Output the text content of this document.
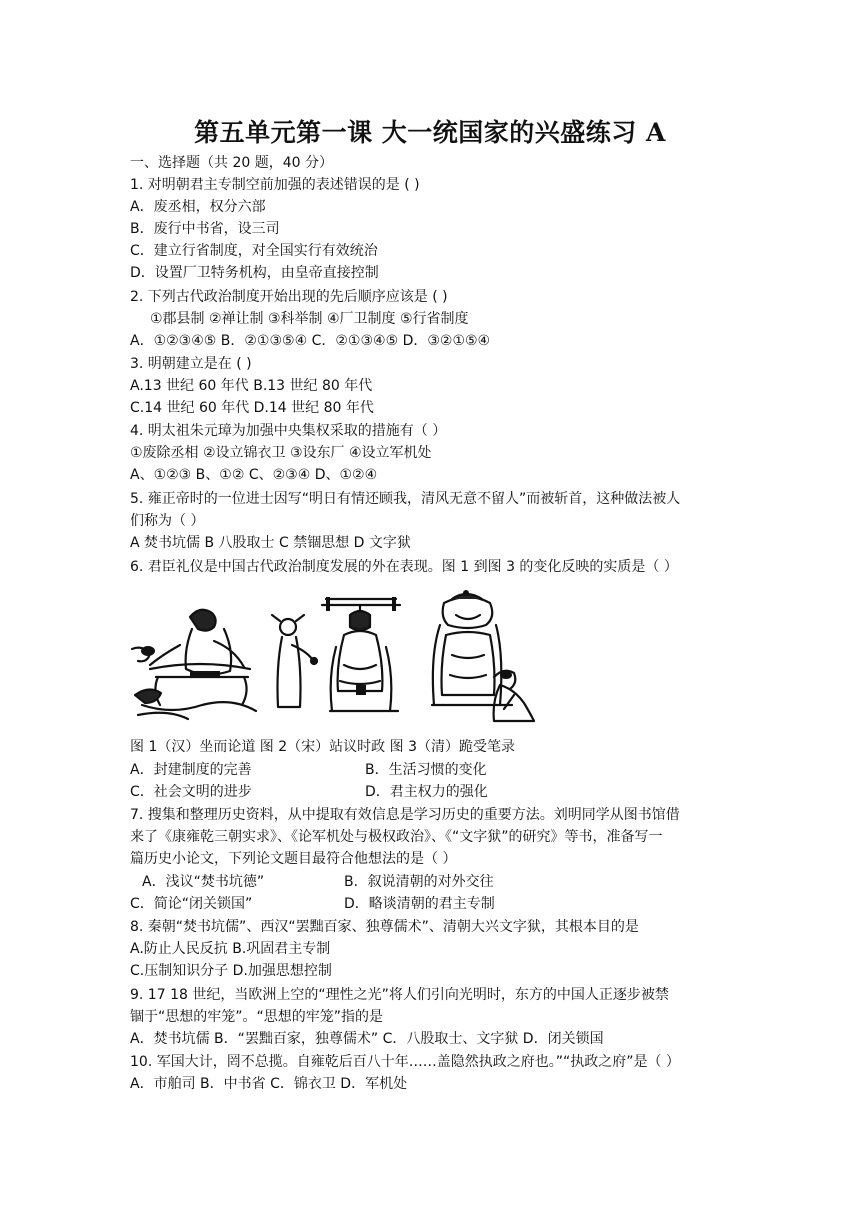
第五单元第一课 大一统国家的兴盛练习 A
一、选择题（共 20 题，40 分）
1. 对明朝君主专制空前加强的表述错误的是 ( )
A．废丞相，权分六部
B．废行中书省，设三司
C．建立行省制度，对全国实行有效统治
D．设置厂卫特务机构，由皇帝直接控制
2. 下列古代政治制度开始出现的先后顺序应该是 ( )
①郡县制 ②禅让制 ③科举制 ④厂卫制度 ⑤行省制度
A．①②③④⑤ B．②①③⑤④ C．②①③④⑤ D．③②①⑤④
3. 明朝建立是在 ( )
A.13 世纪 60 年代 B.13 世纪 80 年代
C.14 世纪 60 年代 D.14 世纪 80 年代
4. 明太祖朱元璋为加强中央集权采取的措施有（ ）
①废除丞相 ②设立锦衣卫 ③设东厂 ④设立军机处
A、①②③ B、①② C、②③④ D、①②④
5. 雍正帝时的一位进士因写“明日有情还顾我，清风无意不留人”而被斩首，这种做法被人
们称为（ ）
A 焚书坑儒 B 八股取士 C 禁锢思想 D 文字狱
6. 君臣礼仪是中国古代政治制度发展的外在表现。图 1 到图 3 的变化反映的实质是（ ）
图 1（汉）坐而论道 图 2（宋）站议时政 图 3（清）跪受笔录
A．封建制度的完善	B．生活习惯的变化
C．社会文明的进步	D．君主权力的强化
7. 搜集和整理历史资料，从中提取有效信息是学习历史的重要方法。刘明同学从图书馆借
来了《康雍乾三朝实求》、《论军机处与极权政治》、《“文字狱”的研究》等书，准备写一
篇历史小论文，下列论文题目最符合他想法的是（ ）
A．浅议“焚书坑德”	B．叙说清朝的对外交往
C．简论“闭关锁国”	D．略谈清朝的君主专制
8. 秦朝“焚书坑儒”、西汉“罢黜百家、独尊儒术”、清朝大兴文字狱，其根本目的是
A.防止人民反抗 B.巩固君主专制
C.压制知识分子 D.加强思想控制
9. 17 18 世纪，当欧洲上空的“理性之光”将人们引向光明时，东方的中国人正逐步被禁
锢于“思想的牢笼”。“思想的牢笼”指的是
A．焚书坑儒 B．“罢黜百家，独尊儒术” C．八股取士、文字狱 D．闭关锁国
10. 军国大计，罔不总揽。自雍乾后百八十年……盖隐然执政之府也。”“执政之府”是（ ）
A．市舶司 B．中书省 C．锦衣卫 D．军机处
